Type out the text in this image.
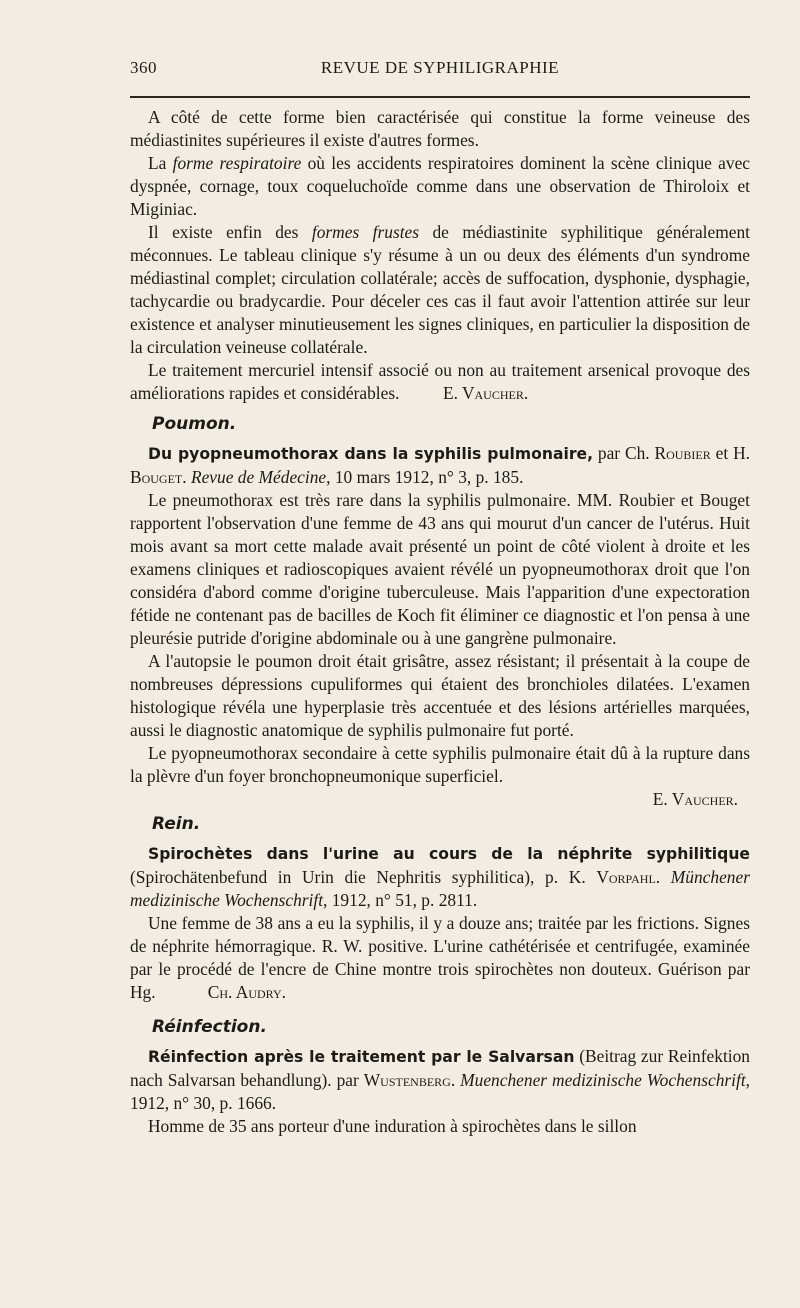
360	REVUE DE SYPHILIGRAPHIE

A côté de cette forme bien caractérisée qui constitue la forme veineuse des médiastinites supérieures il existe d'autres formes.

La forme respiratoire où les accidents respiratoires dominent la scène clinique avec dyspnée, cornage, toux coqueluchoïde comme dans une observation de Thiroloix et Miginiac.

Il existe enfin des formes frustes de médiastinite syphilitique généralement méconnues. Le tableau clinique s'y résume à un ou deux des éléments d'un syndrome médiastinal complet; circulation collatérale; accès de suffocation, dysphonie, dysphagie, tachycardie ou bradycardie. Pour déceler ces cas il faut avoir l'attention attirée sur leur existence et analyser minutieusement les signes cliniques, en particulier la disposition de la circulation veineuse collatérale.

Le traitement mercuriel intensif associé ou non au traitement arsenical provoque des améliorations rapides et considérables. E. Vaucher.

Poumon.

Du pyopneumothorax dans la syphilis pulmonaire, par Ch. Roubier et H. Bouget. Revue de Médecine, 10 mars 1912, n° 3, p. 185.

Le pneumothorax est très rare dans la syphilis pulmonaire. MM. Roubier et Bouget rapportent l'observation d'une femme de 43 ans qui mourut d'un cancer de l'utérus. Huit mois avant sa mort cette malade avait présenté un point de côté violent à droite et les examens cliniques et radioscopiques avaient révélé un pyopneumothorax droit que l'on considéra d'abord comme d'origine tuberculeuse. Mais l'apparition d'une expectoration fétide ne contenant pas de bacilles de Koch fit éliminer ce diagnostic et l'on pensa à une pleurésie putride d'origine abdominale ou à une gangrène pulmonaire.

A l'autopsie le poumon droit était grisâtre, assez résistant; il présentait à la coupe de nombreuses dépressions cupuliformes qui étaient des bronchioles dilatées. L'examen histologique révéla une hyperplasie très accentuée et des lésions artérielles marquées, aussi le diagnostic anatomique de syphilis pulmonaire fut porté.

Le pyopneumothorax secondaire à cette syphilis pulmonaire était dû à la rupture dans la plèvre d'un foyer bronchopneumonique superficiel.

E. Vaucher.
Rein.

Spirochètes dans l'urine au cours de la néphrite syphilitique (Spirochätenbefund in Urin die Nephritis syphilitica), p. K. Vorpahl. Münchener medizinische Wochenschrift, 1912, n° 51, p. 2811.

Une femme de 38 ans a eu la syphilis, il y a douze ans; traitée par les frictions. Signes de néphrite hémorragique. R. W. positive. L'urine cathétérisée et centrifugée, examinée par le procédé de l'encre de Chine montre trois spirochètes non douteux. Guérison par Hg.	Ch. Audry.

Réinfection.

Réinfection après le traitement par le Salvarsan (Beitrag zur Reinfektion nach Salvarsan behandlung). par Wustenberg. Muenchener medizinische Wochenschrift, 1912, n° 30, p. 1666.

Homme de 35 ans porteur d'une induration à spirochètes dans le sillon
